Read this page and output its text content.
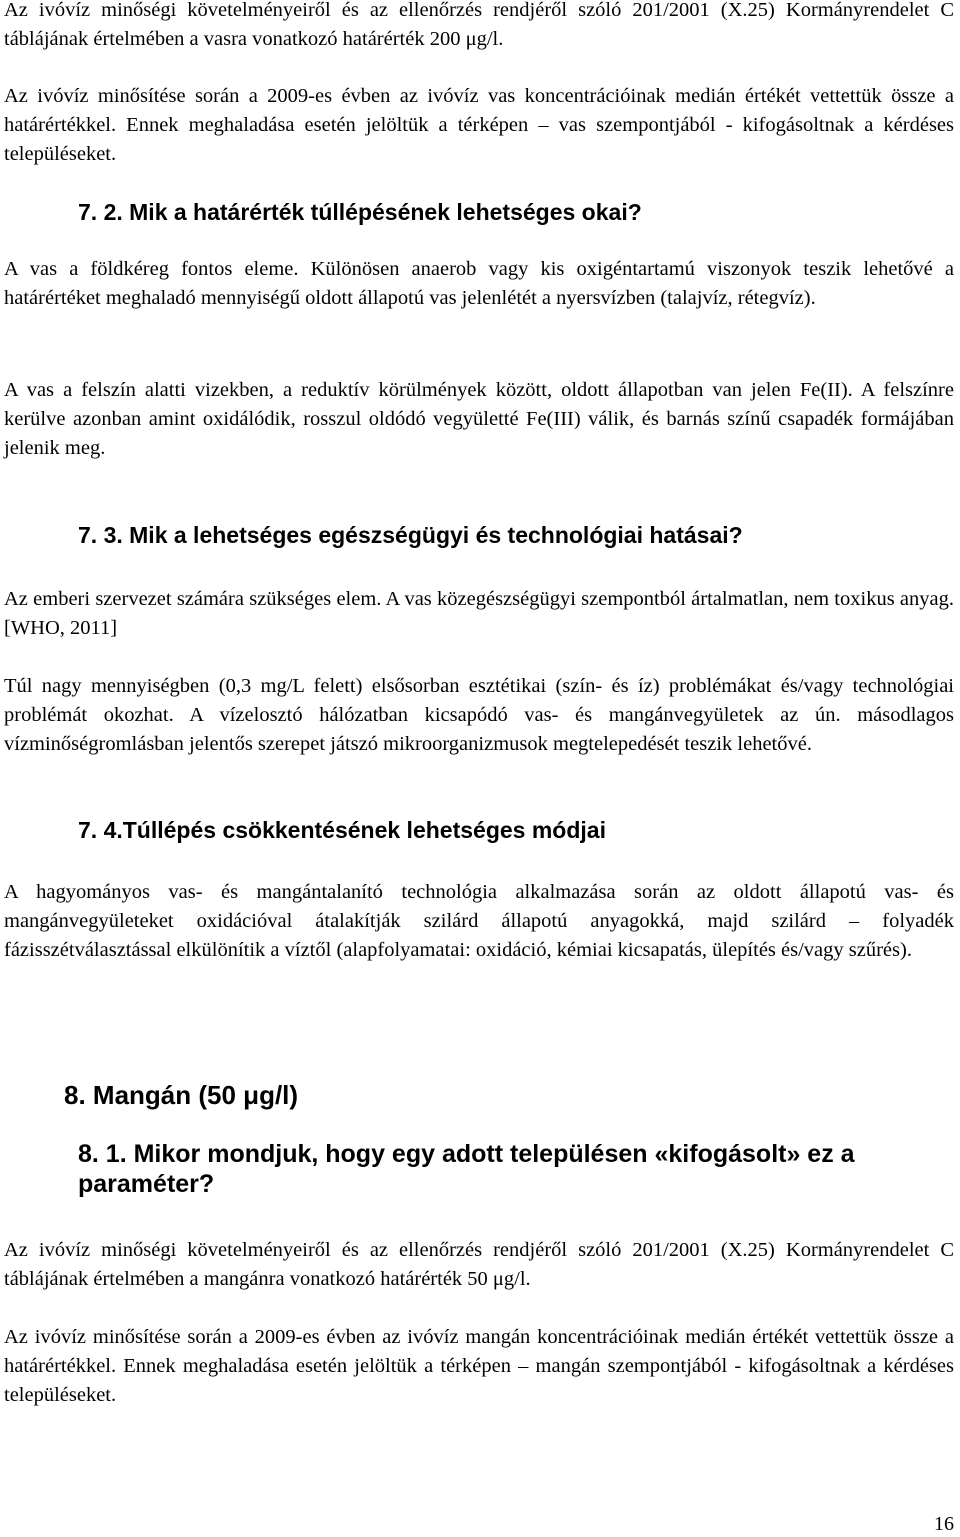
Az ivóvíz minőségi követelményeiről és az ellenőrzés rendjéről szóló 201/2001 (X.25) Kormányrendelet C táblájának értelmében a vasra vonatkozó határérték 200 μg/l.

Az ivóvíz minősítése során a 2009-es évben az ivóvíz vas koncentrációinak medián értékét vettettük össze a határértékkel. Ennek meghaladása esetén jelöltük a térképen – vas szempontjából - kifogásoltnak a kérdéses településeket.

7. 2. Mik a határérték túllépésének lehetséges okai?

A vas a földkéreg fontos eleme. Különösen anaerob vagy kis oxigéntartamú viszonyok teszik lehetővé a határértéket meghaladó mennyiségű oldott állapotú vas jelenlétét a nyersvízben (talajvíz, rétegvíz).

A vas a felszín alatti vizekben, a reduktív körülmények között, oldott állapotban van jelen Fe(II). A felszínre kerülve azonban amint oxidálódik, rosszul oldódó vegyületté Fe(III) válik, és barnás színű csapadék formájában jelenik meg.

7. 3. Mik a lehetséges egészségügyi és technológiai hatásai?

Az emberi szervezet számára szükséges elem. A vas közegészségügyi szempontból ártalmatlan, nem toxikus anyag. [WHO, 2011]

Túl nagy mennyiségben (0,3 mg/L felett) elsősorban esztétikai (szín- és íz) problémákat és/vagy technológiai problémát okozhat. A vízelosztó hálózatban kicsapódó vas- és mangánvegyületek az ún. másodlagos vízminőségromlásban jelentős szerepet játszó mikroorganizmusok megtelepedését teszik lehetővé.

7. 4.Túllépés csökkentésének lehetséges módjai

A hagyományos vas- és mangántalanító technológia alkalmazása során az oldott állapotú vas- és mangánvegyületeket oxidációval átalakítják szilárd állapotú anyagokká, majd szilárd – folyadék fázisszétválasztással elkülönítik a víztől (alapfolyamatai: oxidáció, kémiai kicsapatás, ülepítés és/vagy szűrés).

8. Mangán (50 μg/l)
8. 1. Mikor mondjuk, hogy egy adott településen «kifogásolt» ez a paraméter?

Az ivóvíz minőségi követelményeiről és az ellenőrzés rendjéről szóló 201/2001 (X.25) Kormányrendelet C táblájának értelmében a mangánra vonatkozó határérték 50 μg/l.

Az ivóvíz minősítése során a 2009-es évben az ivóvíz mangán koncentrációinak medián értékét vettettük össze a határértékkel. Ennek meghaladása esetén jelöltük a térképen – mangán szempontjából - kifogásoltnak a kérdéses településeket.

16
